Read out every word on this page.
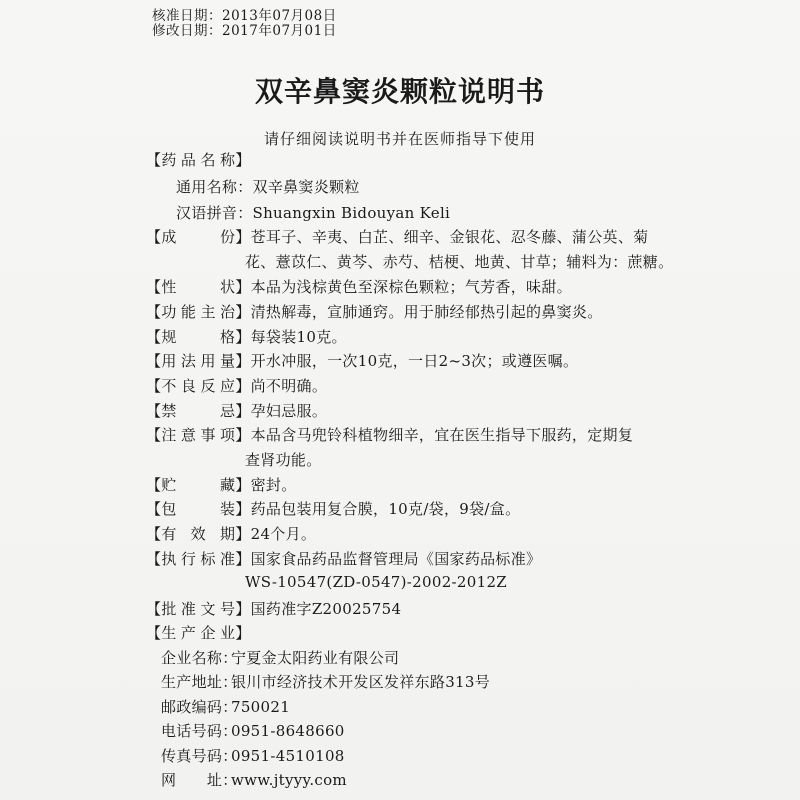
核准日期：2013年07月08日
修改日期：2017年07月01日
双辛鼻窦炎颗粒说明书
请仔细阅读说明书并在医师指导下使用
【药品名称】
通用名称：双辛鼻窦炎颗粒
汉语拼音：Shuangxin Bidouyan Keli
【成　　份】苍耳子、辛夷、白芷、细辛、金银花、忍冬藤、蒲公英、菊
花、薏苡仁、黄芩、赤芍、桔梗、地黄、甘草；辅料为：蔗糖。
【性　　状】本品为浅棕黄色至深棕色颗粒；气芳香，味甜。
【功能主治】清热解毒，宣肺通窍。用于肺经郁热引起的鼻窦炎。
【规　　格】每袋装10克。
【用法用量】开水冲服，一次10克，一日2~3次；或遵医嘱。
【不良反应】尚不明确。
【禁　　忌】孕妇忌服。
【注意事项】本品含马兜铃科植物细辛，宜在医生指导下服药，定期复
查肾功能。
【贮　　藏】密封。
【包　　装】药品包装用复合膜，10克/袋，9袋/盒。
【有 效 期】24个月。
【执行标准】国家食品药品监督管理局《国家药品标准》
WS-10547(ZD-0547)-2002-2012Z
【批准文号】国药准字Z20025754
【生产企业】
企业名称：宁夏金太阳药业有限公司
生产地址：银川市经济技术开发区发祥东路313号
邮政编码：750021
电话号码：0951-8648660
传真号码：0951-4510108
网　　址：www.jtyyy.com
